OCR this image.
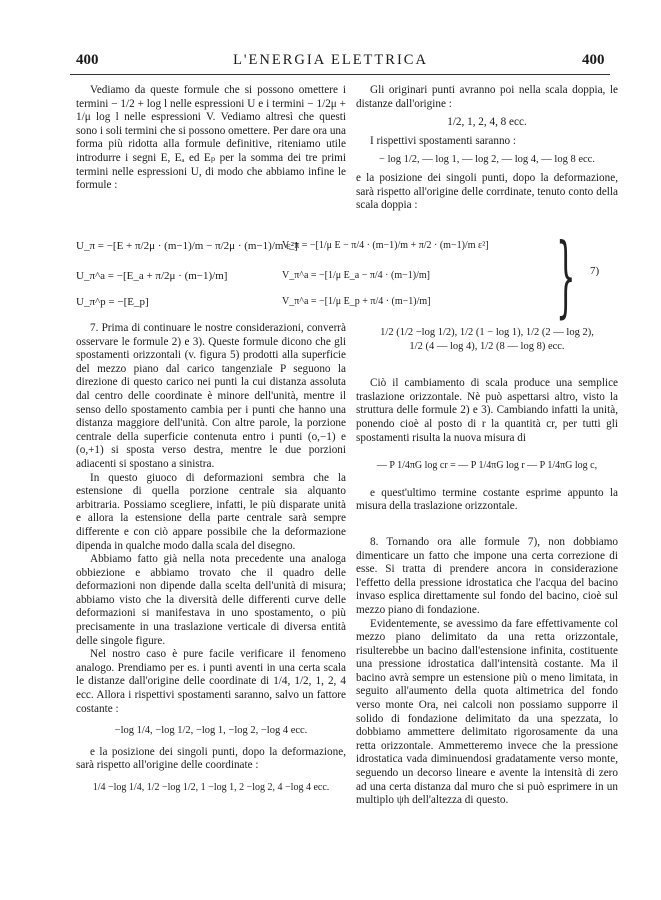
400	L'ENERGIA ELETTRICA	400

Vediamo da queste formule che si possono omettere i termini − 1/2 + log l nelle espressioni U e i termini − 1/2μ + 1/μ log l nelle espressioni V. Vediamo altresì che questi sono i soli termini che si possono omettere. Per dare ora una forma più ridotta alla formule definitive, riteniamo utile introdurre i segni E, Eₐ ed Eₚ per la somma dei tre primi termini nelle espressioni U, di modo che abbiamo infine le formule :

U_π = −[E + π/2μ · (m−1)/m − π/2μ · (m−1)/m ε²]
U_π^a = −[E_a + π/2μ · (m−1)/m]
U_π^p = −[E_p]
V_π = −[1/μ E − π/4 · (m−1)/m + π/2 · (m−1)/m ε²]
V_π^a = −[1/μ E_a − π/4 · (m−1)/m]
V_π^a = −[1/μ E_p + π/4 · (m−1)/m] } 7)

7. Prima di continuare le nostre considerazioni, converrà osservare le formule 2) e 3). Queste formule dicono che gli spostamenti orizzontali (v. figura 5) prodotti alla superficie del mezzo piano dal carico tangenziale P seguono la direzione di questo carico nei punti la cui distanza assoluta dal centro delle coordinate è minore dell'unità, mentre il senso dello spostamento cambia per i punti che hanno una distanza maggiore dell'unità. Con altre parole, la porzione centrale della superficie contenuta entro i punti (o,−1) e (o,+1) si sposta verso destra, mentre le due porzioni adiacenti si spostano a sinistra.

In questo giuoco di deformazioni sembra che la estensione di quella porzione centrale sia alquanto arbitraria. Possiamo scegliere, infatti, le più disparate unità e allora la estensione della parte centrale sarà sempre differente e con ciò appare possibile che la deformazione dipenda in qualche modo dalla scala del disegno.

Abbiamo fatto già nella nota precedente una analoga obbiezione e abbiamo trovato che il quadro delle deformazioni non dipende dalla scelta dell'unità di misura; abbiamo visto che la diversità delle differenti curve delle deformazioni si manifestava in uno spostamento, o più precisamente in una traslazione verticale di diversa entità delle singole figure.

Nel nostro caso è pure facile verificare il fenomeno analogo. Prendiamo per es. i punti aventi in una certa scala le distanze dall'origine delle coordinate di 1/4, 1/2, 1, 2, 4 ecc. Allora i rispettivi spostamenti saranno, salvo un fattore costante :

−log 1/4, −log 1/2, −log 1, −log 2, −log 4 ecc.

e la posizione dei singoli punti, dopo la deformazione, sarà rispetto all'origine delle coordinate :

1/4 −log 1/4, 1/2 −log 1/2, 1 −log 1, 2 −log 2, 4 −log 4 ecc.

Gli originari punti avranno poi nella scala doppia, le distanze dall'origine :

1/2, 1, 2, 4, 8 ecc.

I rispettivi spostamenti saranno :

− log 1/2, — log 1, — log 2, — log 4, — log 8 ecc.

e la posizione dei singoli punti, dopo la deformazione, sarà rispetto all'origine delle corrdinate, tenuto conto della scala doppia :

1/2 (1/2 −log 1/2), 1/2 (1 − log 1), 1/2 (2 — log 2),

1/2 (4 — log 4), 1/2 (8 — log 8) ecc.

Ciò il cambiamento di scala produce una semplice traslazione orizzontale. Nè può aspettarsi altro, visto la struttura delle formule 2) e 3). Cambiando infatti la unità, ponendo cioè al posto di r la quantità cr, per tutti gli spostamenti risulta la nuova misura di

— P 1/4πG log cr = — P 1/4πG log r — P 1/4πG log c,

e quest'ultimo termine costante esprime appunto la misura della traslazione orizzontale.

8. Tornando ora alle formule 7), non dobbiamo dimenticare un fatto che impone una certa correzione di esse. Si tratta di prendere ancora in considerazione l'effetto della pressione idrostatica che l'acqua del bacino invaso esplica direttamente sul fondo del bacino, cioè sul mezzo piano di fondazione.

Evidentemente, se avessimo da fare effettivamente col mezzo piano delimitato da una retta orizzontale, risulterebbe un bacino dall'estensione infinita, costituente una pressione idrostatica dall'intensità costante. Ma il bacino avrà sempre un estensione più o meno limitata, in seguito all'aumento della quota altimetrica del fondo verso monte Ora, nei calcoli non possiamo supporre il solido di fondazione delimitato da una spezzata, lo dobbiamo ammettere delimitato rigorosamente da una retta orizzontale. Ammetteremo invece che la pressione idrostatica vada diminuendosi gradatamente verso monte, seguendo un decorso lineare e avente la intensità di zero ad una certa distanza dal muro che si può esprimere in un multiplo ψh dell'altezza di questo.
